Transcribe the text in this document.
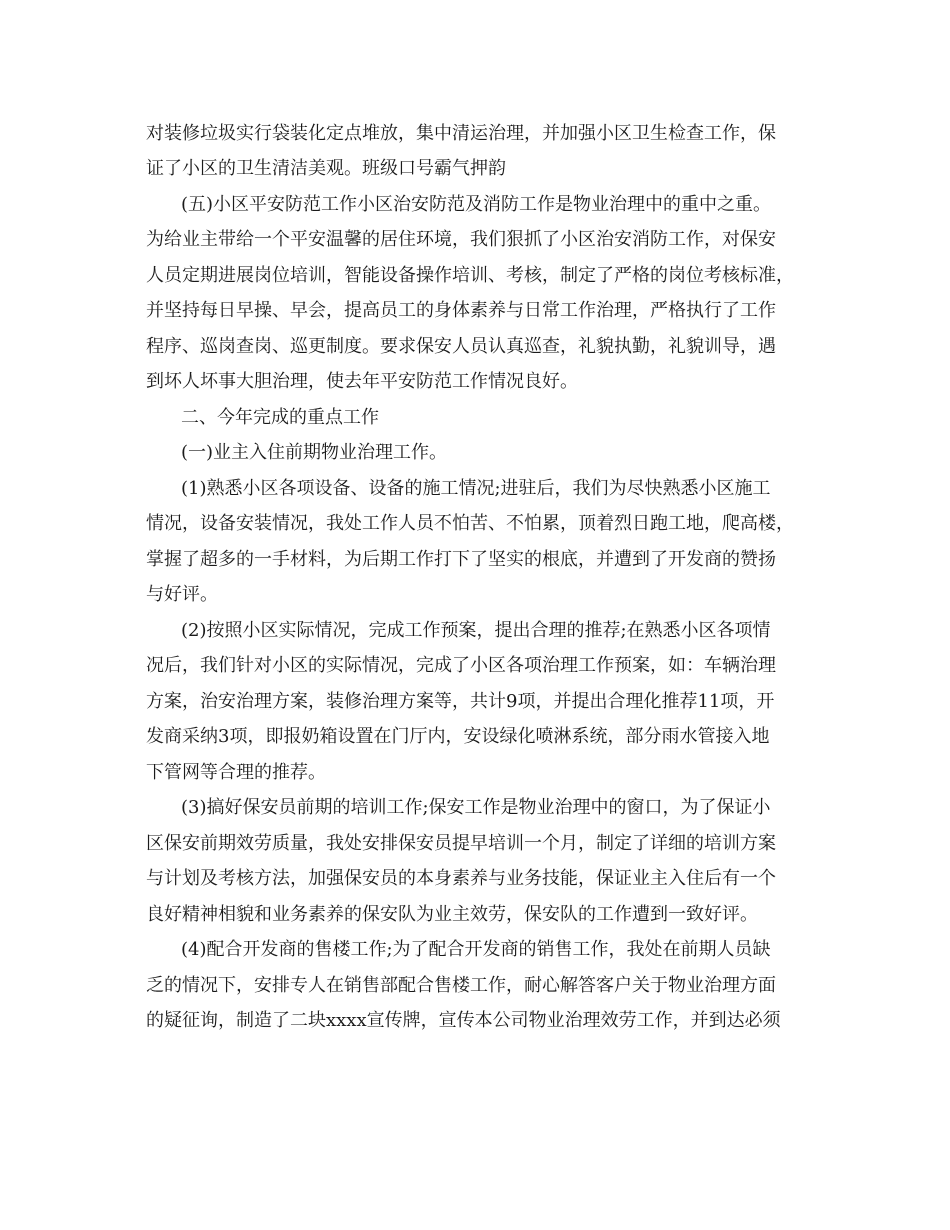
对装修垃圾实行袋装化定点堆放，集中清运治理，并加强小区卫生检查工作，保
证了小区的卫生清洁美观。班级口号霸气押韵
(五)小区平安防范工作小区治安防范及消防工作是物业治理中的重中之重。
为给业主带给一个平安温馨的居住环境，我们狠抓了小区治安消防工作，对保安
人员定期进展岗位培训，智能设备操作培训、考核，制定了严格的岗位考核标准，
并坚持每日早操、早会，提高员工的身体素养与日常工作治理，严格执行了工作
程序、巡岗查岗、巡更制度。要求保安人员认真巡查，礼貌执勤，礼貌训导，遇
到坏人坏事大胆治理，使去年平安防范工作情况良好。
二、今年完成的重点工作
(一)业主入住前期物业治理工作。
(1)熟悉小区各项设备、设备的施工情况;进驻后，我们为尽快熟悉小区施工
情况，设备安装情况，我处工作人员不怕苦、不怕累，顶着烈日跑工地，爬高楼，
掌握了超多的一手材料，为后期工作打下了坚实的根底，并遭到了开发商的赞扬
与好评。
(2)按照小区实际情况，完成工作预案，提出合理的推荐;在熟悉小区各项情
况后，我们针对小区的实际情况，完成了小区各项治理工作预案，如：车辆治理
方案，治安治理方案，装修治理方案等，共计9项，并提出合理化推荐11项，开
发商采纳3项，即报奶箱设置在门厅内，安设绿化喷淋系统，部分雨水管接入地
下管网等合理的推荐。
(3)搞好保安员前期的培训工作;保安工作是物业治理中的窗口，为了保证小
区保安前期效劳质量，我处安排保安员提早培训一个月，制定了详细的培训方案
与计划及考核方法，加强保安员的本身素养与业务技能，保证业主入住后有一个
良好精神相貌和业务素养的保安队为业主效劳，保安队的工作遭到一致好评。
(4)配合开发商的售楼工作;为了配合开发商的销售工作，我处在前期人员缺
乏的情况下，安排专人在销售部配合售楼工作，耐心解答客户关于物业治理方面
的疑征询，制造了二块xxxx宣传牌，宣传本公司物业治理效劳工作，并到达必须
